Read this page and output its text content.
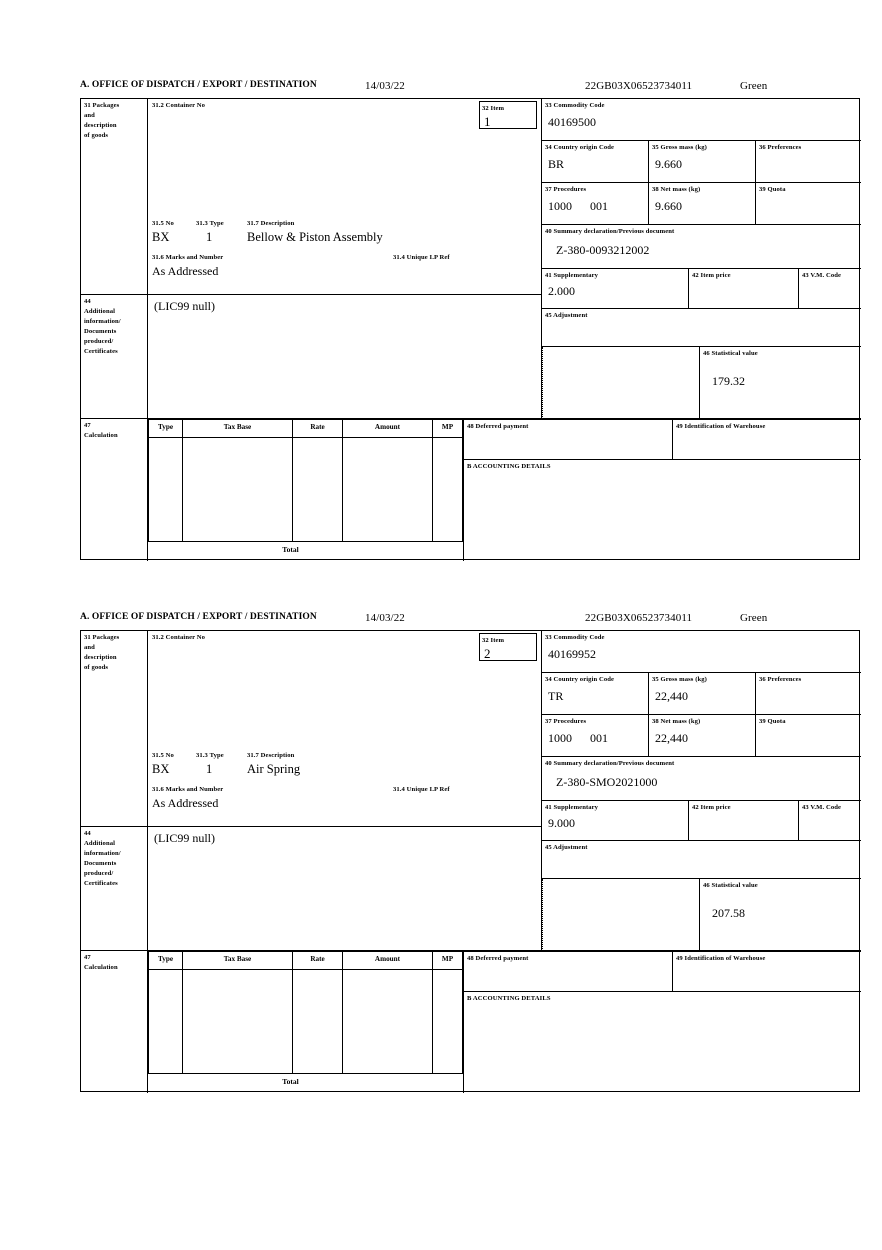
A. OFFICE OF DISPATCH / EXPORT / DESTINATION	14/03/22	22GB03X06523734011	Green
31 Packages
and
description
of goods
31.2 Container No
31.5 No	31.3 Type	31.7 Description
BX	1	Bellow & Piston Assembly
31.6 Marks and Number	31.4 Unique I.P Ref
As Addressed
32 Item
1
33 Commodity Code
40169500
34 Country origin Code
BR
35 Gross mass (kg)
9.660
36 Preferences
37 Procedures
1000 001
38 Net mass (kg)
9.660
39 Quota
40 Summary declaration/Previous document
Z-380-0093212002
41 Supplementary
2.000
42 Item price	43 V.M. Code
45 Adjustment
44
Additional
information/
Documents
produced/
Certificates
(LIC99 null)
46 Statistical value
179.32
47
Calculation
Type	Tax Base	Rate	Amount	MP
Total
48 Deferred payment	49 Identification of Warehouse
B ACCOUNTING DETAILS
A. OFFICE OF DISPATCH / EXPORT / DESTINATION	14/03/22	22GB03X06523734011	Green
31 Packages
and
description
of goods
31.2 Container No
31.5 No	31.3 Type	31.7 Description
BX	1	Air Spring
31.6 Marks and Number	31.4 Unique I.P Ref
As Addressed
32 Item
2
33 Commodity Code
40169952
34 Country origin Code
TR
35 Gross mass (kg)
22,440
36 Preferences
37 Procedures
1000 001
38 Net mass (kg)
22,440
39 Quota
40 Summary declaration/Previous document
Z-380-SMO2021000
41 Supplementary
9.000
42 Item price	43 V.M. Code
45 Adjustment
44
Additional
information/
Documents
produced/
Certificates
(LIC99 null)
46 Statistical value
207.58
47
Calculation
Type	Tax Base	Rate	Amount	MP
Total
48 Deferred payment	49 Identification of Warehouse
B ACCOUNTING DETAILS
